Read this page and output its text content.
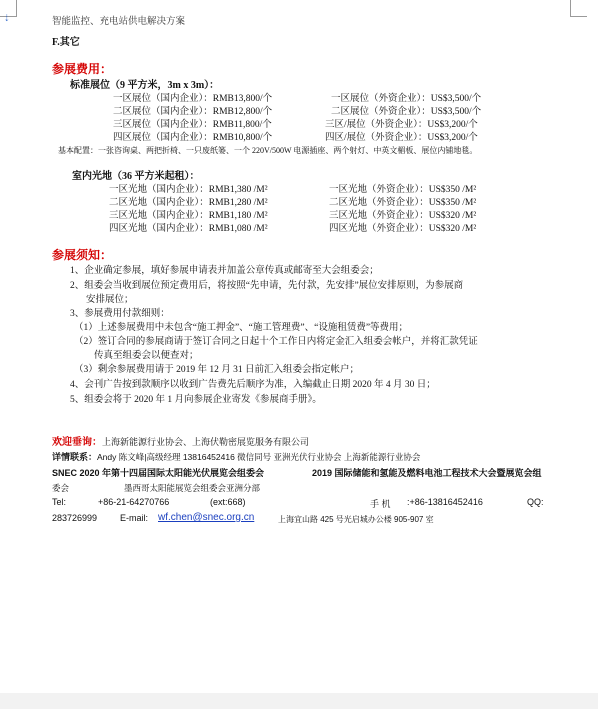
⇣	智能监控、充电站供电解决方案
F.其它
参展费用：
标准展位（9 平方米，3m x 3m）：
一区展位（国内企业）：RMB13,800/个	一区展位（外资企业）：US$3,500/个
二区展位（国内企业）：RMB12,800/个	二区展位（外资企业）：US$3,500/个
三区展位（国内企业）：RMB11,800/个	三区/展位（外资企业）：US$3,200/个
四区展位（国内企业）：RMB10,800/个	四区/展位（外资企业）：US$3,200/个
基本配置：一张咨询桌、两把折椅、一只废纸篓、一个 220V/500W 电源插座、两个射灯、中英文楣板、展位内铺地毯。
室内光地（36 平方米起租）：
一区光地（国内企业）：RMB1,380 /M²	一区光地（外资企业）：US$350 /M²
二区光地（国内企业）：RMB1,280 /M²	二区光地（外资企业）：US$350 /M²
三区光地（国内企业）：RMB1,180 /M²	三区光地（外资企业）：US$320 /M²
四区光地（国内企业）：RMB1,080 /M²	四区光地（外资企业）：US$320 /M²
参展须知：
1、企业确定参展，填好参展申请表并加盖公章传真或邮寄至大会组委会；
2、组委会当收到展位预定费用后，将按照“先申请，先付款，先安排”展位安排原则，为参展商
安排展位；
3、参展费用付款细则：
（1）上述参展费用中未包含“施工押金”、“施工管理费”、“设施租赁费”等费用；
（2）签订合同的参展商请于签订合同之日起十个工作日内将定金汇入组委会帐户，并将汇款凭证
传真至组委会以便查对；
（3）剩余参展费用请于 2019 年 12 月 31 日前汇入组委会指定帐户；
4、会刊广告按到款顺序以收到广告费先后顺序为准，入编截止日期 2020 年 4 月 30 日；
5、组委会将于 2020 年 1 月向参展企业寄发《参展商手册》。
欢迎垂询：上海新能源行业协会、上海伏勒密展览服务有限公司
详情联系：Andy 陈文峰|高级经理 13816452416 微信同号 亚洲光伏行业协会 上海新能源行业协会
SNEC 2020 年第十四届国际太阳能光伏展览会组委会	2019 国际储能和氢能及燃料电池工程技术大会暨展览会组
委会	墨西哥太阳能展览会组委会亚洲分部
Tel:	+86-21-64270766	(ext:668)	手 机 :+86-13816452416	QQ:
283726999	E-mail: wf.chen@snec.org.cn	上海宜山路 425 号光启城办公楼 905-907 室
